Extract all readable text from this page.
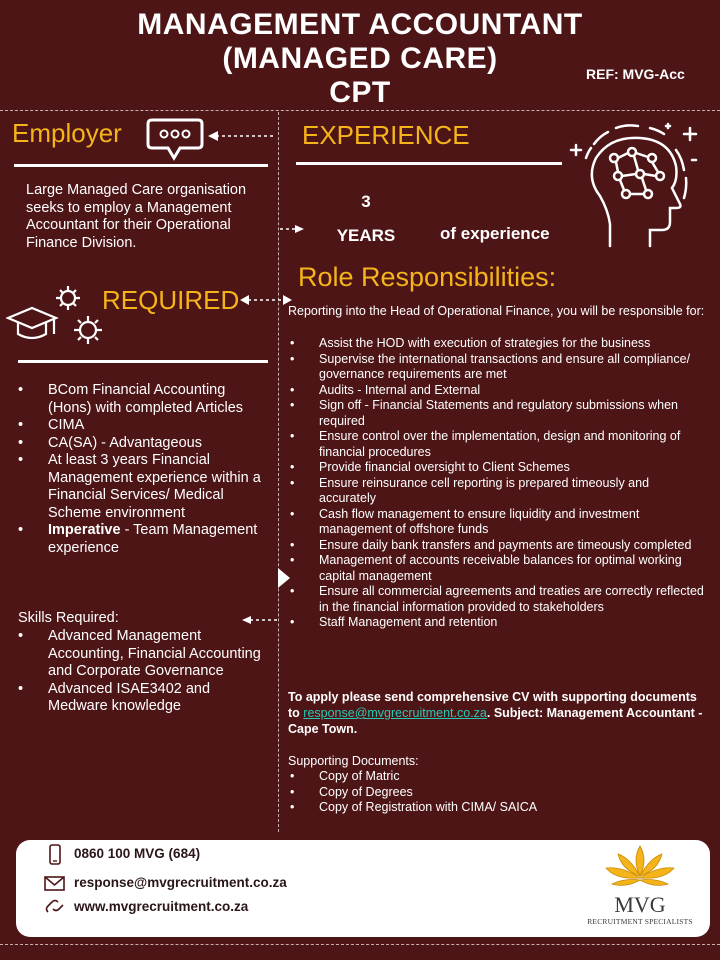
MANAGEMENT ACCOUNTANT
(MANAGED CARE)
CPT
REF: MVG-Acc
Employer
Large Managed Care organisation seeks to employ a Management Accountant for their Operational Finance Division.
EXPERIENCE
3
YEARS	of experience
REQUIRED
• BCom Financial Accounting (Hons) with completed Articles
• CIMA
• CA(SA) - Advantageous
• At least 3 years Financial Management experience within a Financial Services/ Medical Scheme environment
• Imperative - Team Management experience
Skills Required:
• Advanced Management Accounting, Financial Accounting and Corporate Governance
• Advanced ISAE3402 and Medware knowledge
Role Responsibilities:
Reporting into the Head of Operational Finance, you will be responsible for:
• Assist the HOD with execution of strategies for the business
• Supervise the international transactions and ensure all compliance/ governance requirements are met
• Audits - Internal and External
• Sign off - Financial Statements and regulatory submissions when required
• Ensure control over the implementation, design and monitoring of financial procedures
• Provide financial oversight to Client Schemes
• Ensure reinsurance cell reporting is prepared timeously and accurately
• Cash flow management to ensure liquidity and investment management of offshore funds
• Ensure daily bank transfers and payments are timeously completed
• Management of accounts receivable balances for optimal working capital management
• Ensure all commercial agreements and treaties are correctly reflected in the financial information provided to stakeholders
• Staff Management and retention
To apply please send comprehensive CV with supporting documents to response@mvgrecruitment.co.za. Subject: Management Accountant - Cape Town.
Supporting Documents:
• Copy of Matric
• Copy of Degrees
• Copy of Registration with CIMA/ SAICA
0860 100 MVG (684)
response@mvgrecruitment.co.za
www.mvgrecruitment.co.za	MVG
RECRUITMENT SPECIALISTS
